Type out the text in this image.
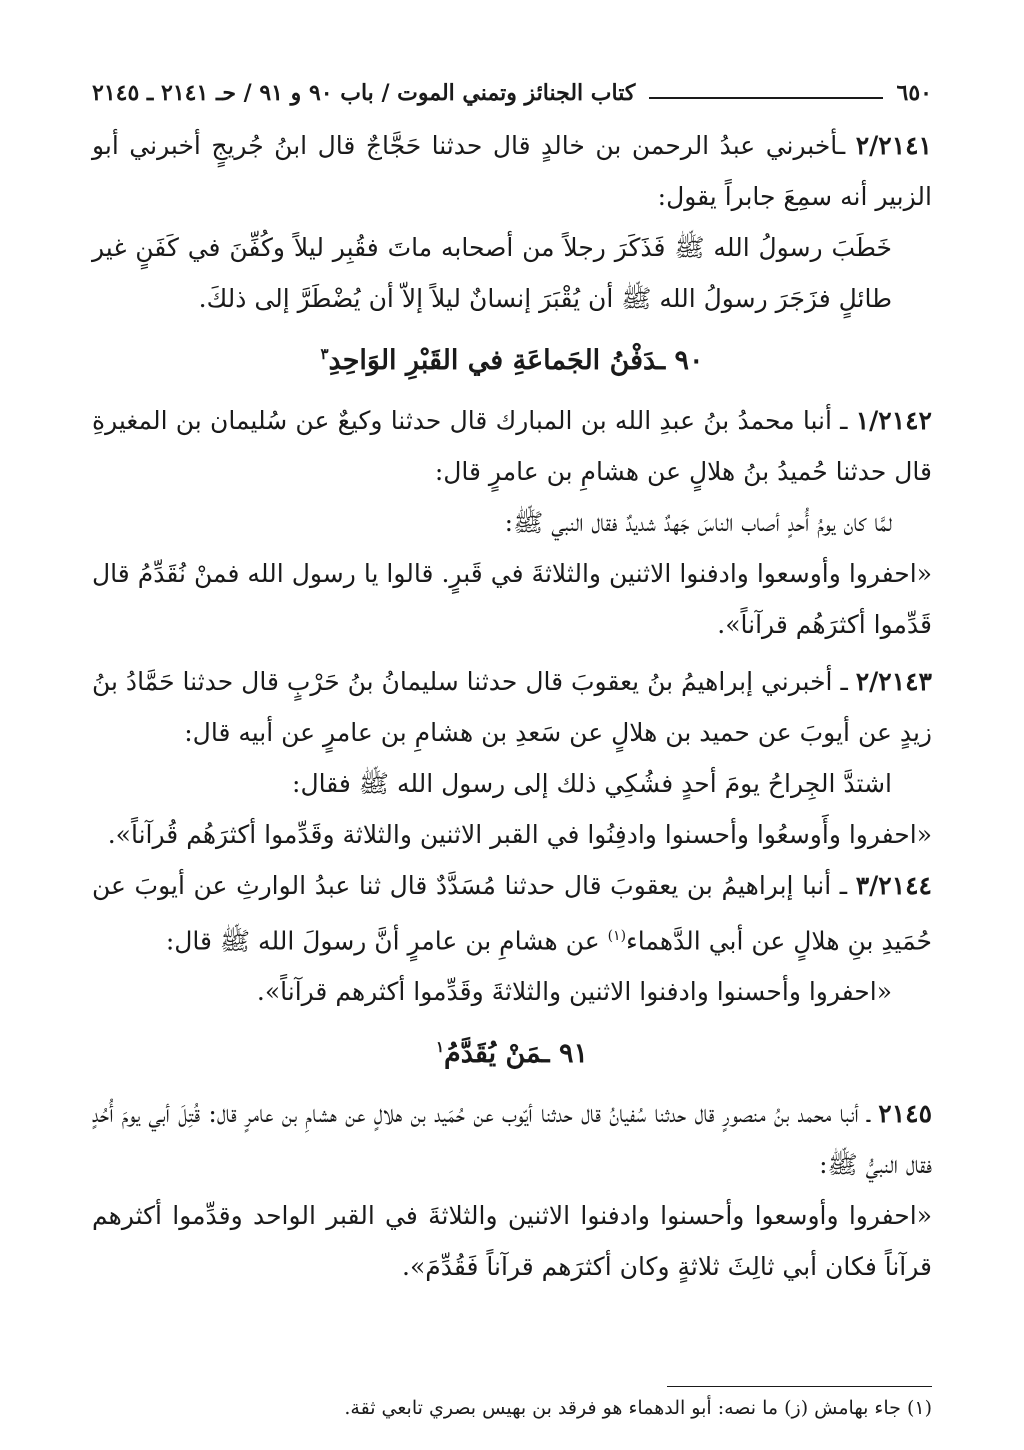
٦٥٠
كتاب الجنائز وتمني الموت / باب ٩٠ و ٩١ / حـ ٢١٤١ ـ ٢١٤٥

٢/٢١٤١ ـأخبرني عبدُ الرحمن بن خالدٍ قال حدثنا حَجَّاجٌ قال ابنُ جُريجٍ أخبرني أبو الزبير أنه سمِعَ جابراً يقول:

خَطَبَ رسولُ الله ﷺ فَذَكَرَ رجلاً من أصحابه ماتَ فقُبِر ليلاً وكُفِّنَ في كَفَنٍ غير طائلٍ فزَجَرَ رسولُ الله ﷺ أن يُقْبَرَ إنسانٌ ليلاً إلاّ أن يُضْطَرَّ إلى ذلكَ.

٩٠ ـدَفْنُ الجَماعَةِ في القَبْرِ الوَاحِدِ$^٣$

١/٢١٤٢ ـ أنبا محمدُ بنُ عبدِ الله بن المبارك قال حدثنا وكيعٌ عن سُليمان بن المغيرةِ قال حدثنا حُميدُ بنُ هلالٍ عن هشامِ بن عامرٍ قال:

لمَّا كان يومُ أُحدٍ أصاب الناسَ جَهدٌ شديدٌ فقال النبي ﷺ:

«احفروا وأوسعوا وادفنوا الاثنين والثلاثةَ في قَبرٍ. قالوا يا رسول الله فمنْ نُقَدِّمُ قال قَدِّموا أكثرَهُم قرآناً».

٢/٢١٤٣ ـ أخبرني إبراهيمُ بنُ يعقوبَ قال حدثنا سليمانُ بنُ حَرْبٍ قال حدثنا حَمَّادُ بنُ زيدٍ عن أيوبَ عن حميد بن هلالٍ عن سَعدِ بن هشامِ بن عامرٍ عن أبيه قال:

اشتدَّ الجِراحُ يومَ أحدٍ فشُكِي ذلك إلى رسول الله ﷺ فقال:

«احفروا وأَوسعُوا وأحسنوا وادفِنُوا في القبر الاثنين والثلاثة وقَدِّموا أكثرَهُم قُرآناً».

٣/٢١٤٤ ـ أنبا إبراهيمُ بن يعقوبَ قال حدثنا مُسَدَّدٌ قال ثنا عبدُ الوارثِ عن أيوبَ عن حُمَيدِ بنِ هلالٍ عن أبي الدَّهماء$^{(١)}$ عن هشامِ بن عامرٍ أنَّ رسولَ الله ﷺ قال:

«احفروا وأحسنوا وادفنوا الاثنين والثلاثةَ وقَدِّموا أكثرهم قرآناً».

٩١ ـمَنْ يُقَدَّمُ$^١$

٢١٤٥ ـ أنبا محمد بنُ منصورٍ قال حدثنا سُفيانُ قال حدثنا أيّوب عن حُمَيد بن هلالٍ عن هشامِ بن عامرٍ قال: قُتِلَ أبي يومَ أُحُدٍ فقال النبيُّ ﷺ:

«احفروا وأوسعوا وأحسنوا وادفنوا الاثنين والثلاثةَ في القبر الواحد وقدِّموا أكثرهم قرآناً فكان أبي ثالِثَ ثلاثةٍ وكان أكثرَهم قرآناً فَقُدِّمَ».

(١) جاء بهامش (ز) ما نصه: أبو الدهماء هو فرقد بن بهيس بصري تابعي ثقة.
